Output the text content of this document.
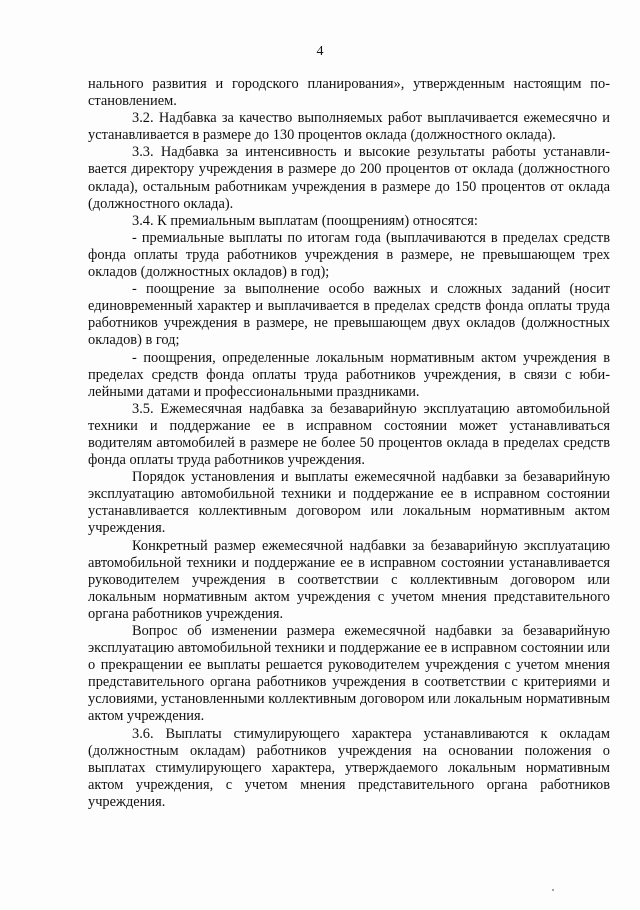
4

нального развития и городского планирования», утвержденным настоящим постановлением.

3.2. Надбавка за качество выполняемых работ выплачивается ежемесячно и устанавливается в размере до 130 процентов оклада (должностного оклада).

3.3. Надбавка за интенсивность и высокие результаты работы устанавливается директору учреждения в размере до 200 процентов от оклада (должностного оклада), остальным работникам учреждения в размере до 150 процентов от оклада (должностного оклада).

3.4. К премиальным выплатам (поощрениям) относятся:

- премиальные выплаты по итогам года (выплачиваются в пределах средств фонда оплаты труда работников учреждения в размере, не превышающем трех окладов (должностных окладов) в год);

- поощрение за выполнение особо важных и сложных заданий (носит единовременный характер и выплачивается в пределах средств фонда оплаты труда работников учреждения в размере, не превышающем двух окладов (должностных окладов) в год;

- поощрения, определенные локальным нормативным актом учреждения в пределах средств фонда оплаты труда работников учреждения, в связи с юбилейными датами и профессиональными праздниками.

3.5. Ежемесячная надбавка за безаварийную эксплуатацию автомобильной техники и поддержание ее в исправном состоянии может устанавливаться водителям автомобилей в размере не более 50 процентов оклада в пределах средств фонда оплаты труда работников учреждения.

Порядок установления и выплаты ежемесячной надбавки за безаварийную эксплуатацию автомобильной техники и поддержание ее в исправном состоянии устанавливается коллективным договором или локальным нормативным актом учреждения.

Конкретный размер ежемесячной надбавки за безаварийную эксплуатацию автомобильной техники и поддержание ее в исправном состоянии устанавливается руководителем учреждения в соответствии с коллективным договором или локальным нормативным актом учреждения с учетом мнения представительного органа работников учреждения.

Вопрос об изменении размера ежемесячной надбавки за безаварийную эксплуатацию автомобильной техники и поддержание ее в исправном состоянии или о прекращении ее выплаты решается руководителем учреждения с учетом мнения представительного органа работников учреждения в соответствии с критериями и условиями, установленными коллективным договором или локальным нормативным актом учреждения.

3.6. Выплаты стимулирующего характера устанавливаются к окладам (должностным окладам) работников учреждения на основании положения о выплатах стимулирующего характера, утверждаемого локальным нормативным актом учреждения, с учетом мнения представительного органа работников учреждения.
